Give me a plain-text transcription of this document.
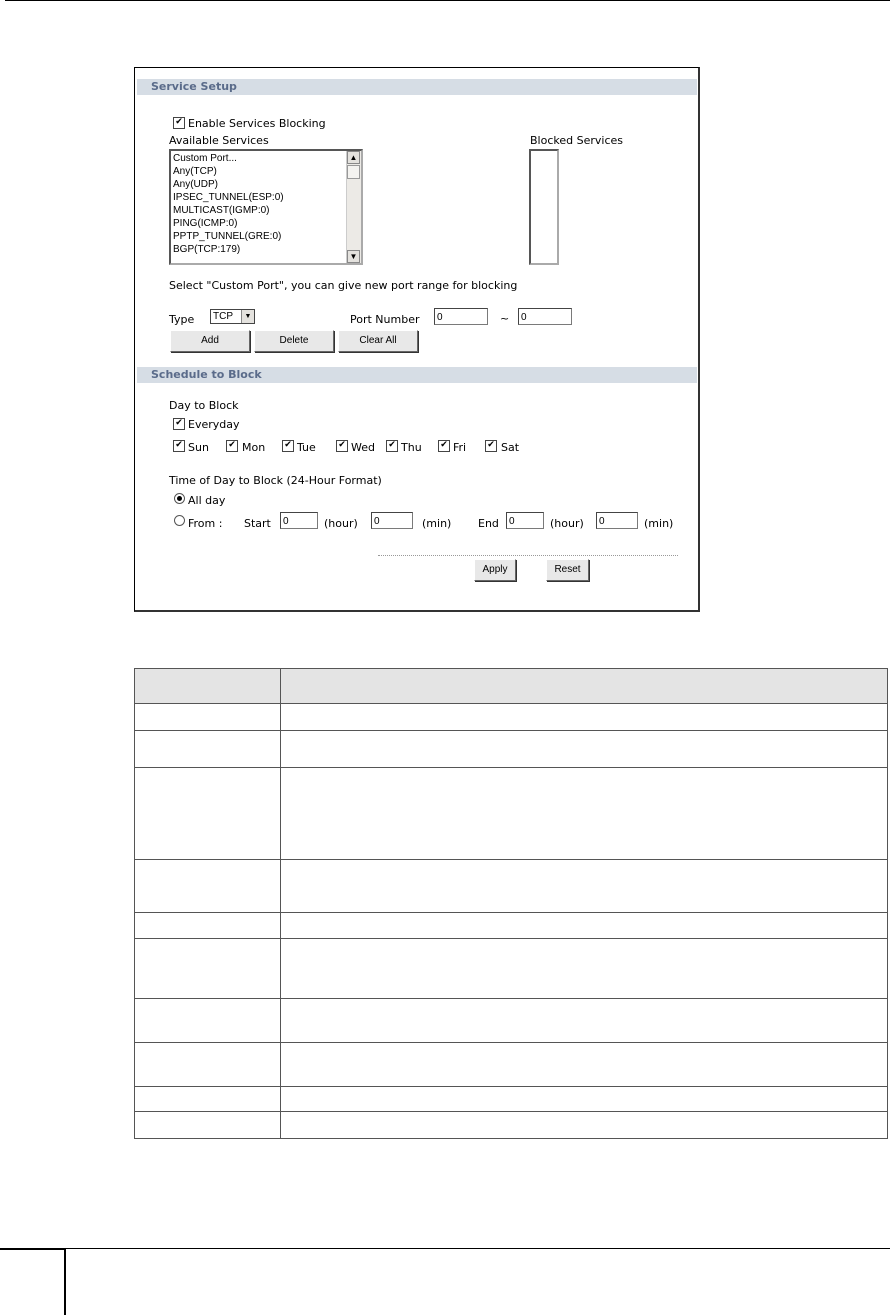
Service Setup
✔
Enable Services Blocking
Available Services	Blocked Services
Custom Port...
Any(TCP)
Any(UDP)
IPSEC_TUNNEL(ESP:0)
MULTICAST(IGMP:0)
PING(ICMP:0)
PPTP_TUNNEL(GRE:0)
BGP(TCP:179)
▲
▼
Select "Custom Port", you can give new port range for blocking
Type	TCP	▼	Port Number	0	~	0
Add	Delete	Clear All
Schedule to Block
Day to Block
✔
Everyday
✔
Sun ✔	Mon ✔	Tue ✔	Wed ✔ Thu ✔	Fri ✔	Sat
Time of Day to Block (24-Hour Format)
All day
From : Start	0	(hour)	0	(min) End	0	(hour)	0	(min)
Apply	Reset
